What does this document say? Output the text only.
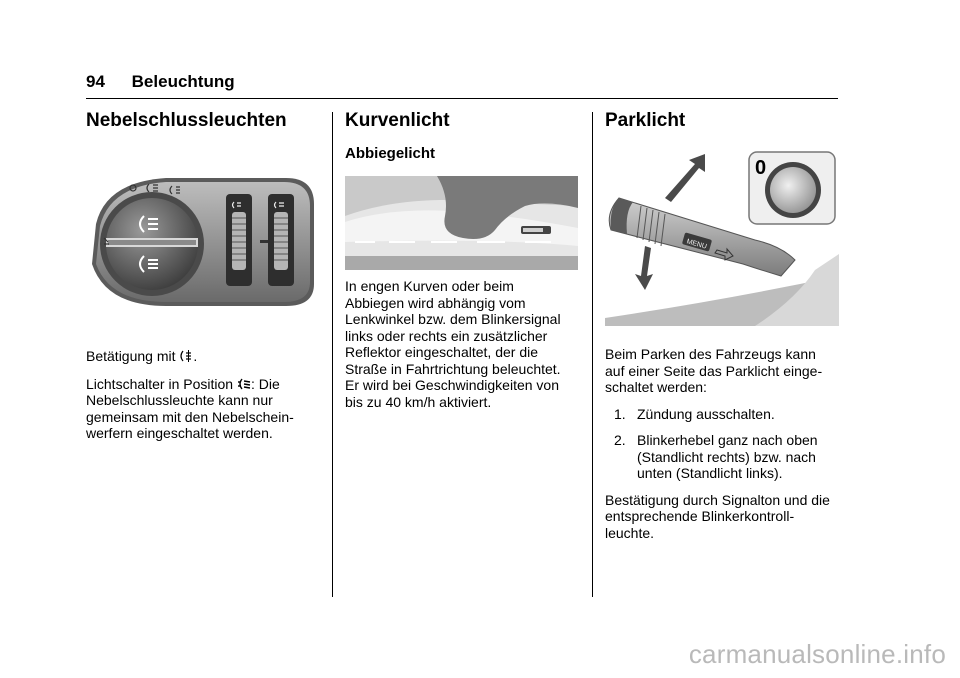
94 Beleuchtung
Nebelschlussleuchten

Betätigung mit .

Lichtschalter in Position : Die
Nebelschlussleuchte kann nur
gemeinsam mit den Nebelschein-
werfern eingeschaltet werden.

Kurvenlicht
Abbiegelicht

In engen Kurven oder beim
Abbiegen wird abhängig vom
Lenkwinkel bzw. dem Blinkersignal
links oder rechts ein zusätzlicher
Reflektor eingeschaltet, der die
Straße in Fahrtrichtung beleuchtet.
Er wird bei Geschwindigkeiten von
bis zu 40 km/h aktiviert.

Parklicht
MENU
0

Beim Parken des Fahrzeugs kann
auf einer Seite das Parklicht einge-
schaltet werden:

1. Zündung ausschalten.
2. Blinkerhebel ganz nach oben
(Standlicht rechts) bzw. nach
unten (Standlicht links).

Bestätigung durch Signalton und die
entsprechende Blinkerkontroll-
leuchte.

carmanualsonline.info
